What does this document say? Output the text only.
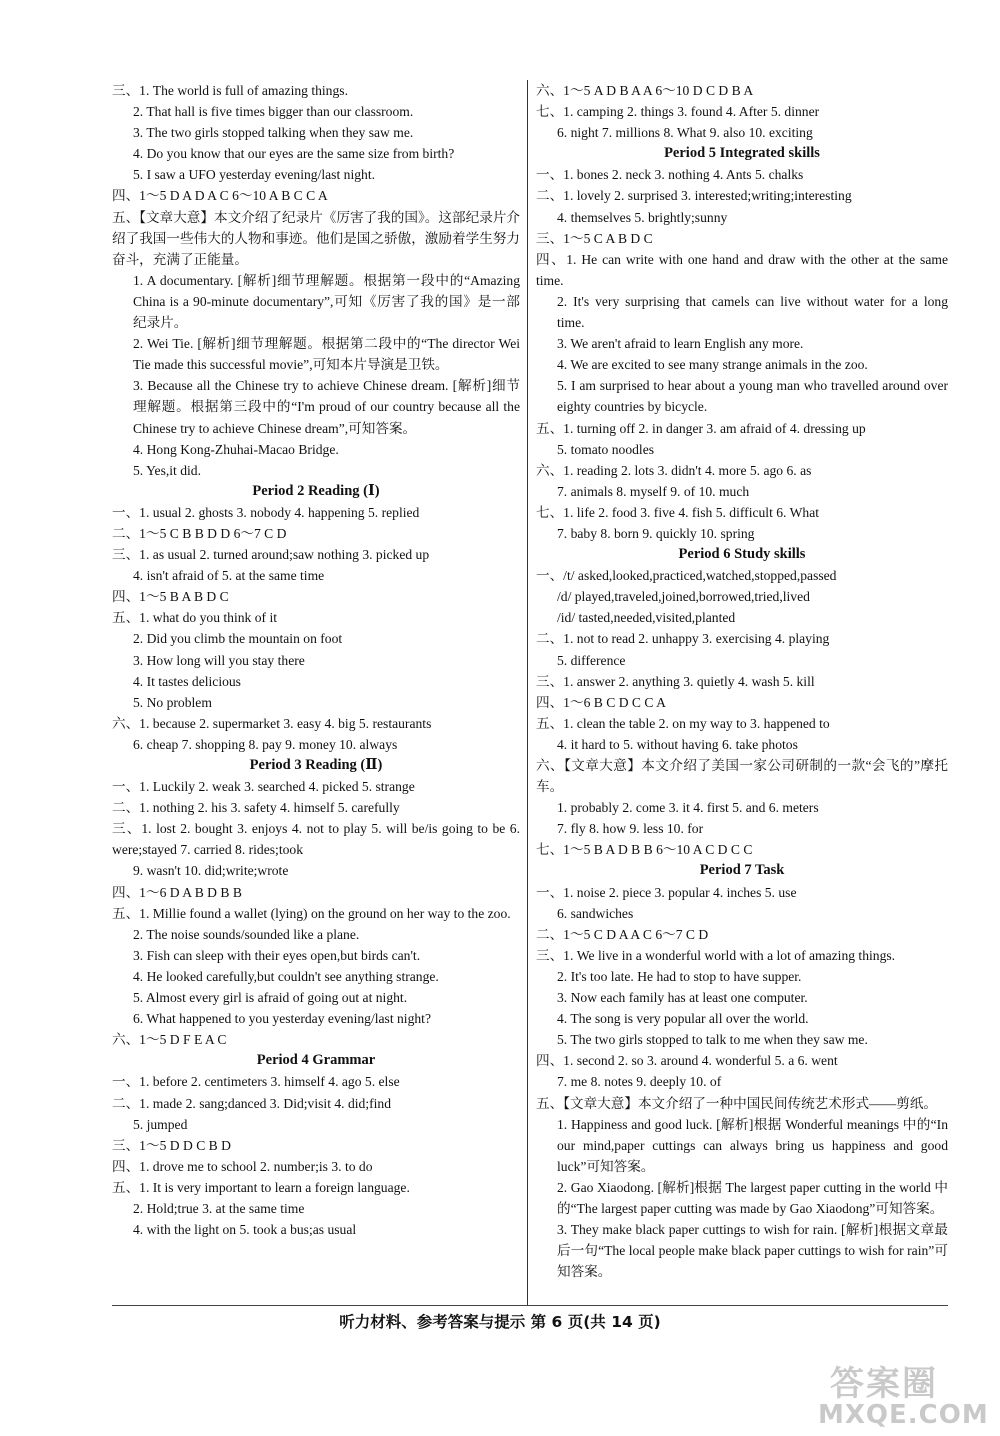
三、1. The world is full of amazing things.
2. That hall is five times bigger than our classroom.
3. The two girls stopped talking when they saw me.
4. Do you know that our eyes are the same size from birth?
5. I saw a UFO yesterday evening/last night.
四、1～5 D A D A C 6～10 A B C C A
五、【文章大意】本文介绍了纪录片《厉害了我的国》。这部纪录片介绍了我国一些伟大的人物和事迹。他们是国之骄傲，激励着学生努力奋斗，充满了正能量。
1. A documentary. [解析]细节理解题。根据第一段中的“Amazing China is a 90-minute documentary”,可知《厉害了我的国》是一部纪录片。
2. Wei Tie. [解析]细节理解题。根据第二段中的“The director Wei Tie made this successful movie”,可知本片导演是卫铁。
3. Because all the Chinese try to achieve Chinese dream. [解析]细节理解题。根据第三段中的“I'm proud of our country because all the Chinese try to achieve Chinese dream”,可知答案。
4. Hong Kong-Zhuhai-Macao Bridge.
5. Yes,it did.
Period 2 Reading (Ⅰ)
一、1. usual 2. ghosts 3. nobody 4. happening 5. replied
二、1～5 C B B D D 6～7 C D
三、1. as usual 2. turned around;saw nothing 3. picked up
4. isn't afraid of 5. at the same time
四、1～5 B A B D C
五、1. what do you think of it
2. Did you climb the mountain on foot
3. How long will you stay there
4. It tastes delicious
5. No problem
六、1. because 2. supermarket 3. easy 4. big 5. restaurants
6. cheap 7. shopping 8. pay 9. money 10. always
Period 3 Reading (Ⅱ)
一、1. Luckily 2. weak 3. searched 4. picked 5. strange
二、1. nothing 2. his 3. safety 4. himself 5. carefully
三、1. lost 2. bought 3. enjoys 4. not to play 5. will be/is going to be 6. were;stayed 7. carried 8. rides;took
9. wasn't 10. did;write;wrote
四、1～6 D A B D B B
五、1. Millie found a wallet (lying) on the ground on her way to the zoo.
2. The noise sounds/sounded like a plane.
3. Fish can sleep with their eyes open,but birds can't.
4. He looked carefully,but couldn't see anything strange.
5. Almost every girl is afraid of going out at night.
6. What happened to you yesterday evening/last night?
六、1～5 D F E A C
Period 4 Grammar
一、1. before 2. centimeters 3. himself 4. ago 5. else
二、1. made 2. sang;danced 3. Did;visit 4. did;find
5. jumped
三、1～5 D D C B D
四、1. drove me to school 2. number;is 3. to do
五、1. It is very important to learn a foreign language.
2. Hold;true 3. at the same time
4. with the light on 5. took a bus;as usual
六、1～5 A D B A A 6～10 D C D B A
七、1. camping 2. things 3. found 4. After 5. dinner
6. night 7. millions 8. What 9. also 10. exciting
Period 5 Integrated skills
一、1. bones 2. neck 3. nothing 4. Ants 5. chalks
二、1. lovely 2. surprised 3. interested;writing;interesting
4. themselves 5. brightly;sunny
三、1～5 C A B D C
四、1. He can write with one hand and draw with the other at the same time.
2. It's very surprising that camels can live without water for a long time.
3. We aren't afraid to learn English any more.
4. We are excited to see many strange animals in the zoo.
5. I am surprised to hear about a young man who travelled around over eighty countries by bicycle.
五、1. turning off 2. in danger 3. am afraid of 4. dressing up
5. tomato noodles
六、1. reading 2. lots 3. didn't 4. more 5. ago 6. as
7. animals 8. myself 9. of 10. much
七、1. life 2. food 3. five 4. fish 5. difficult 6. What
7. baby 8. born 9. quickly 10. spring
Period 6 Study skills
一、/t/ asked,looked,practiced,watched,stopped,passed
/d/ played,traveled,joined,borrowed,tried,lived
/id/ tasted,needed,visited,planted
二、1. not to read 2. unhappy 3. exercising 4. playing
5. difference
三、1. answer 2. anything 3. quietly 4. wash 5. kill
四、1～6 B C D C C A
五、1. clean the table 2. on my way to 3. happened to
4. it hard to 5. without having 6. take photos
六、【文章大意】本文介绍了美国一家公司研制的一款“会飞的”摩托车。
1. probably 2. come 3. it 4. first 5. and 6. meters
7. fly 8. how 9. less 10. for
七、1～5 B A D B B 6～10 A C D C C
Period 7 Task
一、1. noise 2. piece 3. popular 4. inches 5. use
6. sandwiches
二、1～5 C D A A C 6～7 C D
三、1. We live in a wonderful world with a lot of amazing things.
2. It's too late. He had to stop to have supper.
3. Now each family has at least one computer.
4. The song is very popular all over the world.
5. The two girls stopped to talk to me when they saw me.
四、1. second 2. so 3. around 4. wonderful 5. a 6. went
7. me 8. notes 9. deeply 10. of
五、【文章大意】本文介绍了一种中国民间传统艺术形式——剪纸。
1. Happiness and good luck. [解析]根据 Wonderful meanings 中的“In our mind,paper cuttings can always bring us happiness and good luck”可知答案。
2. Gao Xiaodong. [解析]根据 The largest paper cutting in the world 中的“The largest paper cutting was made by Gao Xiaodong”可知答案。
3. They make black paper cuttings to wish for rain. [解析]根据文章最后一句“The local people make black paper cuttings to wish for rain”可知答案。
听力材料、参考答案与提示 第 6 页(共 14 页)
答案圈
MXQE.COM
